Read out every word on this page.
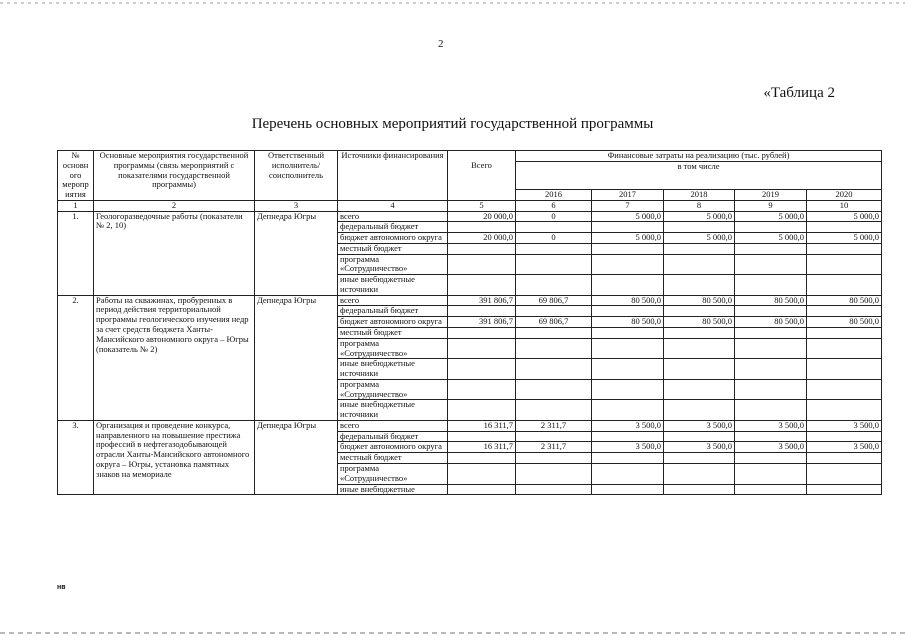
2
«Таблица 2
Перечень основных мероприятий государственной программы
№ основн ого меропр иятия	Основные мероприятия государственной программы (связь мероприятий с показателями государственной программы)	Ответственный исполнитель/ соисполнитель	Источники финансирования		Финансовые затраты на реализацию (тыс. рублей)				
				Всего	в том числе				
					2016	2017	2018	2019	2020
1	2	3	4	5	6	7	8	9	10
1.	Геологоразведочные работы (показатели № 2, 10)	Депнедра Югры	всего	20 000,0	0	5 000,0	5 000,0	5 000,0	5 000,0
			федеральный бюджет						
			бюджет автономного округа	20 000,0	0	5 000,0	5 000,0	5 000,0	5 000,0
			местный бюджет						
			программа «Сотрудничество»						
			иные внебюджетные источники						
2.	Работы на скважинах, пробуренных в период действия территориальной программы геологического изучения недр за счет средств бюджета Ханты-Мансийского автономного округа – Югры (показатель № 2)	Депнедра Югры	всего	391 806,7	69 806,7	80 500,0	80 500,0	80 500,0	80 500,0
			федеральный бюджет						
			бюджет автономного округа	391 806,7	69 806,7	80 500,0	80 500,0	80 500,0	80 500,0
			местный бюджет						
			программа «Сотрудничество»						
			иные внебюджетные источники						
			программа «Сотрудничество»						
			иные внебюджетные источники						
3.	Организация и проведение конкурса, направленного на повышение престижа профессий в нефтегазодобывающей отрасли Ханты-Мансийского автономного округа – Югры, установка памятных знаков на мемориале	Депнедра Югры	всего	16 311,7	2 311,7	3 500,0	3 500,0	3 500,0	3 500,0
			федеральный бюджет						
			бюджет автономного округа	16 311,7	2 311,7	3 500,0	3 500,0	3 500,0	3 500,0
			местный бюджет						
			программа «Сотрудничество»						
			иные внебюджетные						
нв
